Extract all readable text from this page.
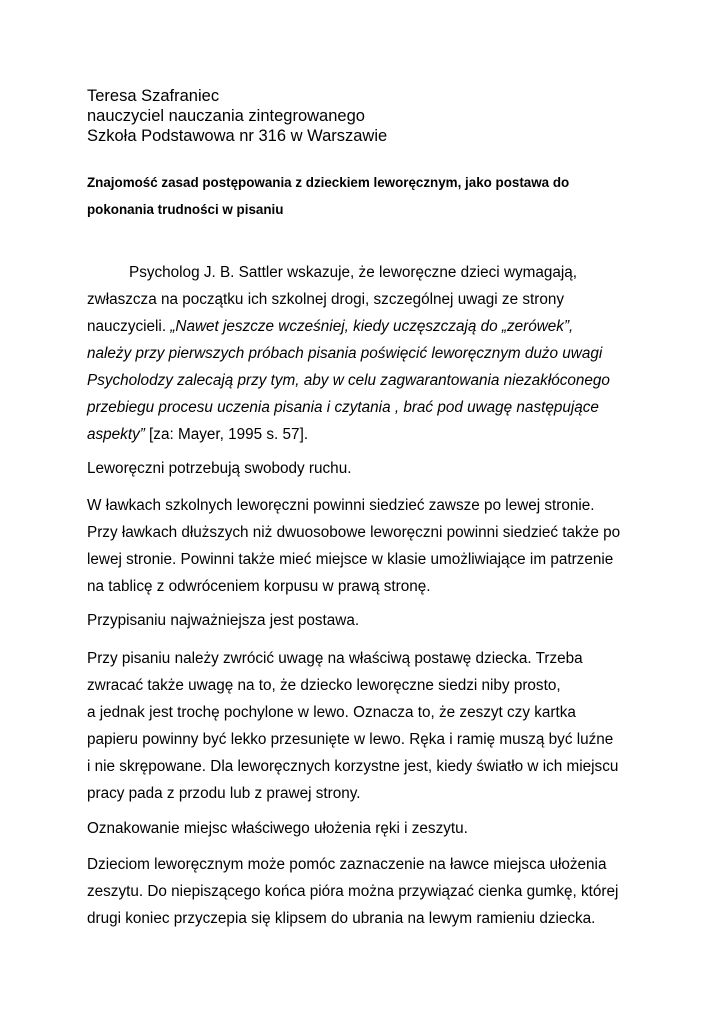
Teresa Szafraniec
nauczyciel nauczania zintegrowanego
Szkoła Podstawowa nr 316 w Warszawie
Znajomość zasad postępowania z dzieckiem leworęcznym, jako postawa do
pokonania trudności w pisaniu
Psycholog J. B. Sattler wskazuje, że leworęczne dzieci wymagają,
zwłaszcza na początku ich szkolnej drogi, szczególnej uwagi ze strony
nauczycieli. „Nawet jeszcze wcześniej, kiedy uczęszczają do „zerówek”,
należy przy pierwszych próbach pisania poświęcić leworęcznym dużo uwagi
Psycholodzy zalecają przy tym, aby w celu zagwarantowania niezakłóconego
przebiegu procesu uczenia pisania i czytania , brać pod uwagę następujące
aspekty” [za: Mayer, 1995 s. 57].
Leworęczni potrzebują swobody ruchu.
W ławkach szkolnych leworęczni powinni siedzieć zawsze po lewej stronie.
Przy ławkach dłuższych niż dwuosobowe leworęczni powinni siedzieć także po
lewej stronie. Powinni także mieć miejsce w klasie umożliwiające im patrzenie
na tablicę z odwróceniem korpusu w prawą stronę.
Przypisaniu najważniejsza jest postawa.
Przy pisaniu należy zwrócić uwagę na właściwą postawę dziecka. Trzeba
zwracać także uwagę na to, że dziecko leworęczne siedzi niby prosto,
a jednak jest trochę pochylone w lewo. Oznacza to, że zeszyt czy kartka
papieru powinny być lekko przesunięte w lewo. Ręka i ramię muszą być luźne
i nie skrępowane. Dla leworęcznych korzystne jest, kiedy światło w ich miejscu
pracy pada z przodu lub z prawej strony.
Oznakowanie miejsc właściwego ułożenia ręki i zeszytu.
Dzieciom leworęcznym może pomóc zaznaczenie na ławce miejsca ułożenia
zeszytu. Do niepiszącego końca pióra można przywiązać cienka gumkę, której
drugi koniec przyczepia się klipsem do ubrania na lewym ramieniu dziecka.
